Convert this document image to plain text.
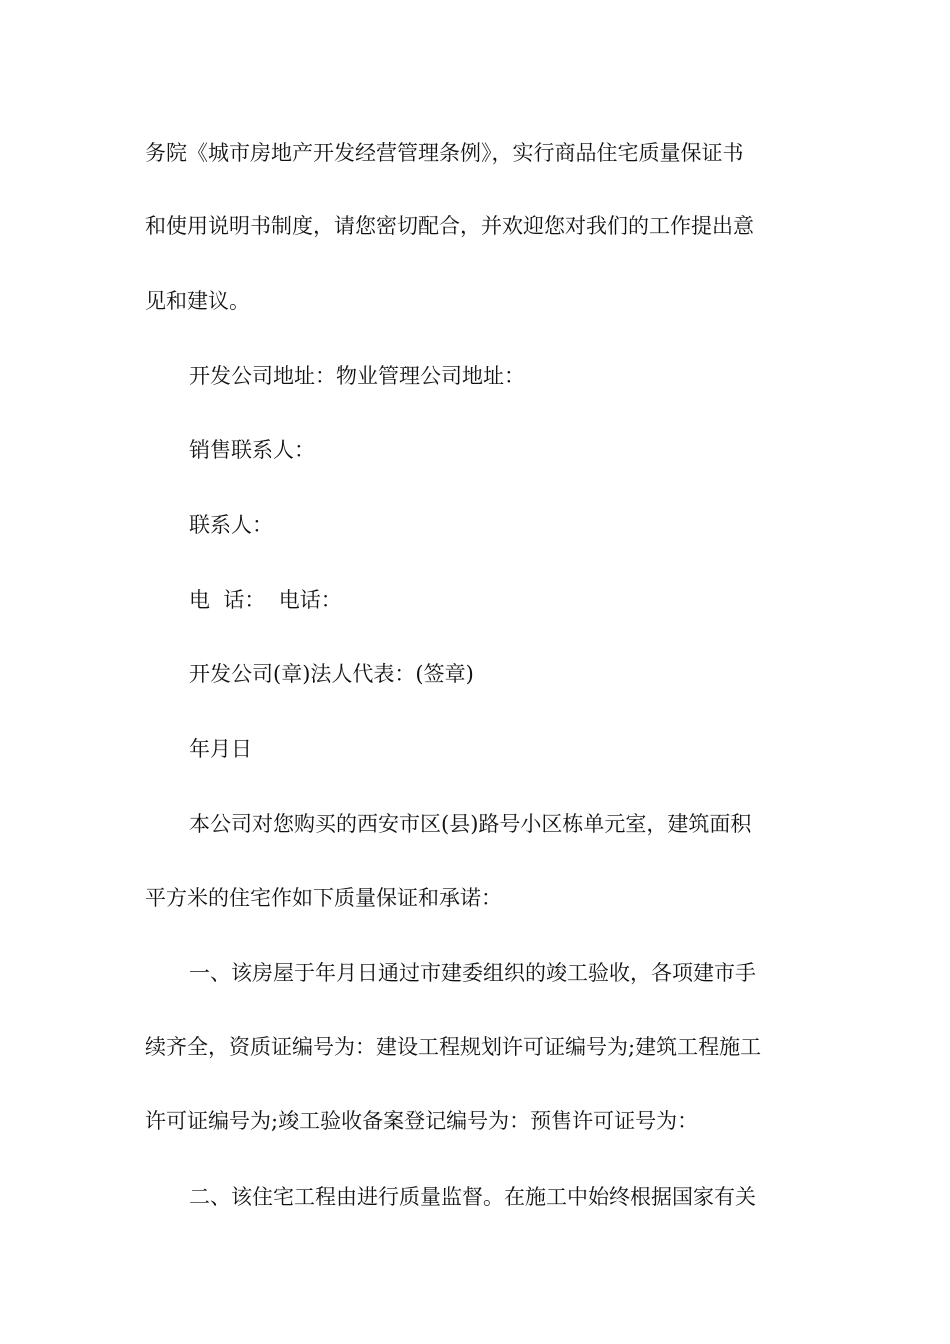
务院《城市房地产开发经营管理条例》，实行商品住宅质量保证书
和使用说明书制度，请您密切配合，并欢迎您对我们的工作提出意
见和建议。
开发公司地址：物业管理公司地址：
销售联系人：
联系人：
电  话：  电话：
开发公司(章)法人代表：(签章)
年月日
本公司对您购买的西安市区(县)路号小区栋单元室，建筑面积
平方米的住宅作如下质量保证和承诺：
一、该房屋于年月日通过市建委组织的竣工验收，各项建市手
续齐全，资质证编号为：建设工程规划许可证编号为;建筑工程施工
许可证编号为;竣工验收备案登记编号为：预售许可证号为：
二、该住宅工程由进行质量监督。在施工中始终根据国家有关
